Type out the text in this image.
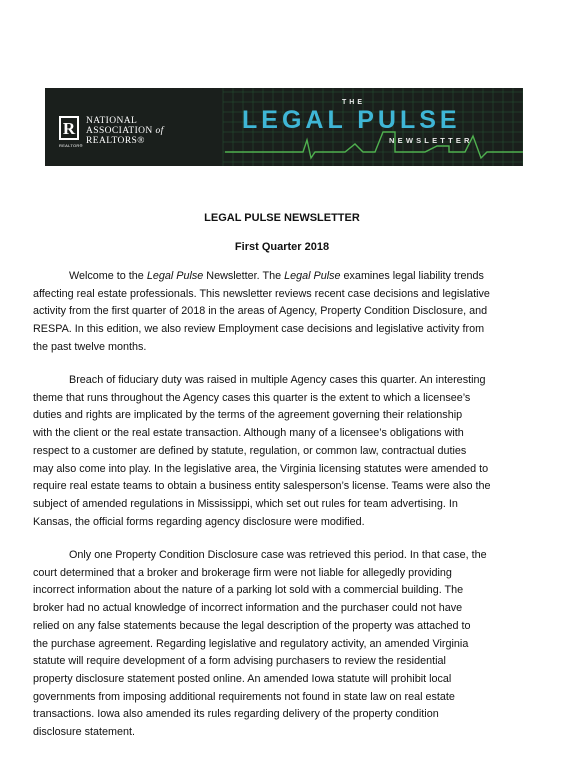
R
REALTOR®
NATIONAL
ASSOCIATION of
REALTORS®
THE
LEGAL PULSE
NEWSLETTER
LEGAL PULSE NEWSLETTER
First Quarter 2018
Welcome to the Legal Pulse Newsletter. The Legal Pulse examines legal liability trends
affecting real estate professionals. This newsletter reviews recent case decisions and legislative
activity from the first quarter of 2018 in the areas of Agency, Property Condition Disclosure, and
RESPA. In this edition, we also review Employment case decisions and legislative activity from
the past twelve months.
Breach of fiduciary duty was raised in multiple Agency cases this quarter. An interesting
theme that runs throughout the Agency cases this quarter is the extent to which a licensee’s
duties and rights are implicated by the terms of the agreement governing their relationship
with the client or the real estate transaction. Although many of a licensee’s obligations with
respect to a customer are defined by statute, regulation, or common law, contractual duties
may also come into play. In the legislative area, the Virginia licensing statutes were amended to
require real estate teams to obtain a business entity salesperson’s license. Teams were also the
subject of amended regulations in Mississippi, which set out rules for team advertising. In
Kansas, the official forms regarding agency disclosure were modified.
Only one Property Condition Disclosure case was retrieved this period. In that case, the
court determined that a broker and brokerage firm were not liable for allegedly providing
incorrect information about the nature of a parking lot sold with a commercial building. The
broker had no actual knowledge of incorrect information and the purchaser could not have
relied on any false statements because the legal description of the property was attached to
the purchase agreement. Regarding legislative and regulatory activity, an amended Virginia
statute will require development of a form advising purchasers to review the residential
property disclosure statement posted online. An amended Iowa statute will prohibit local
governments from imposing additional requirements not found in state law on real estate
transactions. Iowa also amended its rules regarding delivery of the property condition
disclosure statement.
